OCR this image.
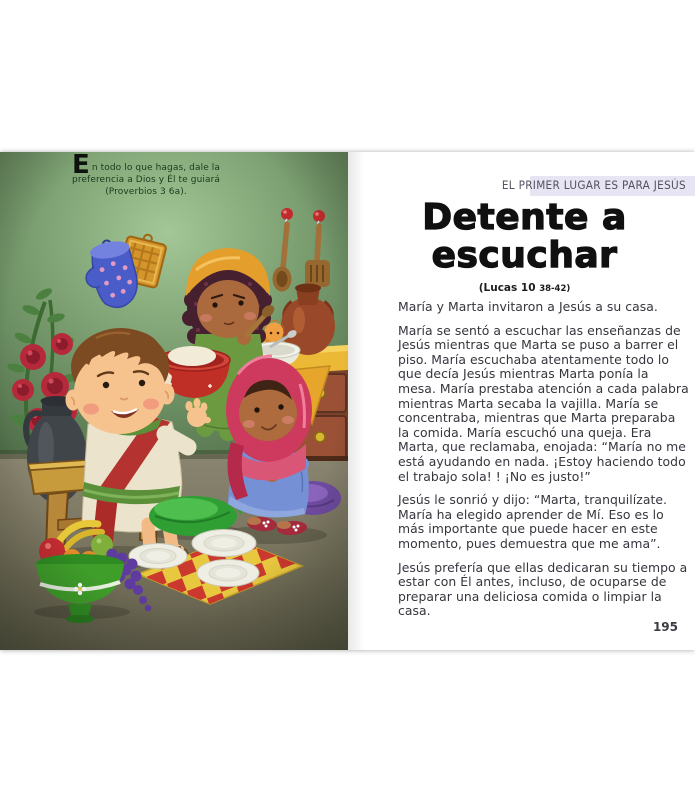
E n todo lo que hagas, dale la
preferencia a Dios y Él te guiará
(Proverbios 3 6a).	EL PRIMER LUGAR ES PARA JESÚS
Detente a
escuchar
(Lucas 10 38-42)

María y Marta invitaron a Jesús a su casa.

María se sentó a escuchar las enseñanzas de Jesús mientras que Marta se puso a barrer el piso. María escuchaba atentamente todo lo que decía Jesús mientras Marta ponía la mesa. María prestaba atención a cada palabra mientras Marta secaba la vajilla. María se concentraba, mientras que Marta preparaba la comida. María escuchó una queja. Era Marta, que reclamaba, enojada: “María no me está ayudando en nada. ¡Estoy haciendo todo el trabajo sola! ! ¡No es justo!”

Jesús le sonrió y dijo: “Marta, tranquilízate. María ha elegido aprender de Mí. Eso es lo más importante que puede hacer en este momento, pues demuestra que me ama”.

Jesús prefería que ellas dedicaran su tiempo a estar con Él antes, incluso, de ocuparse de preparar una deliciosa comida o limpiar la casa.

195
